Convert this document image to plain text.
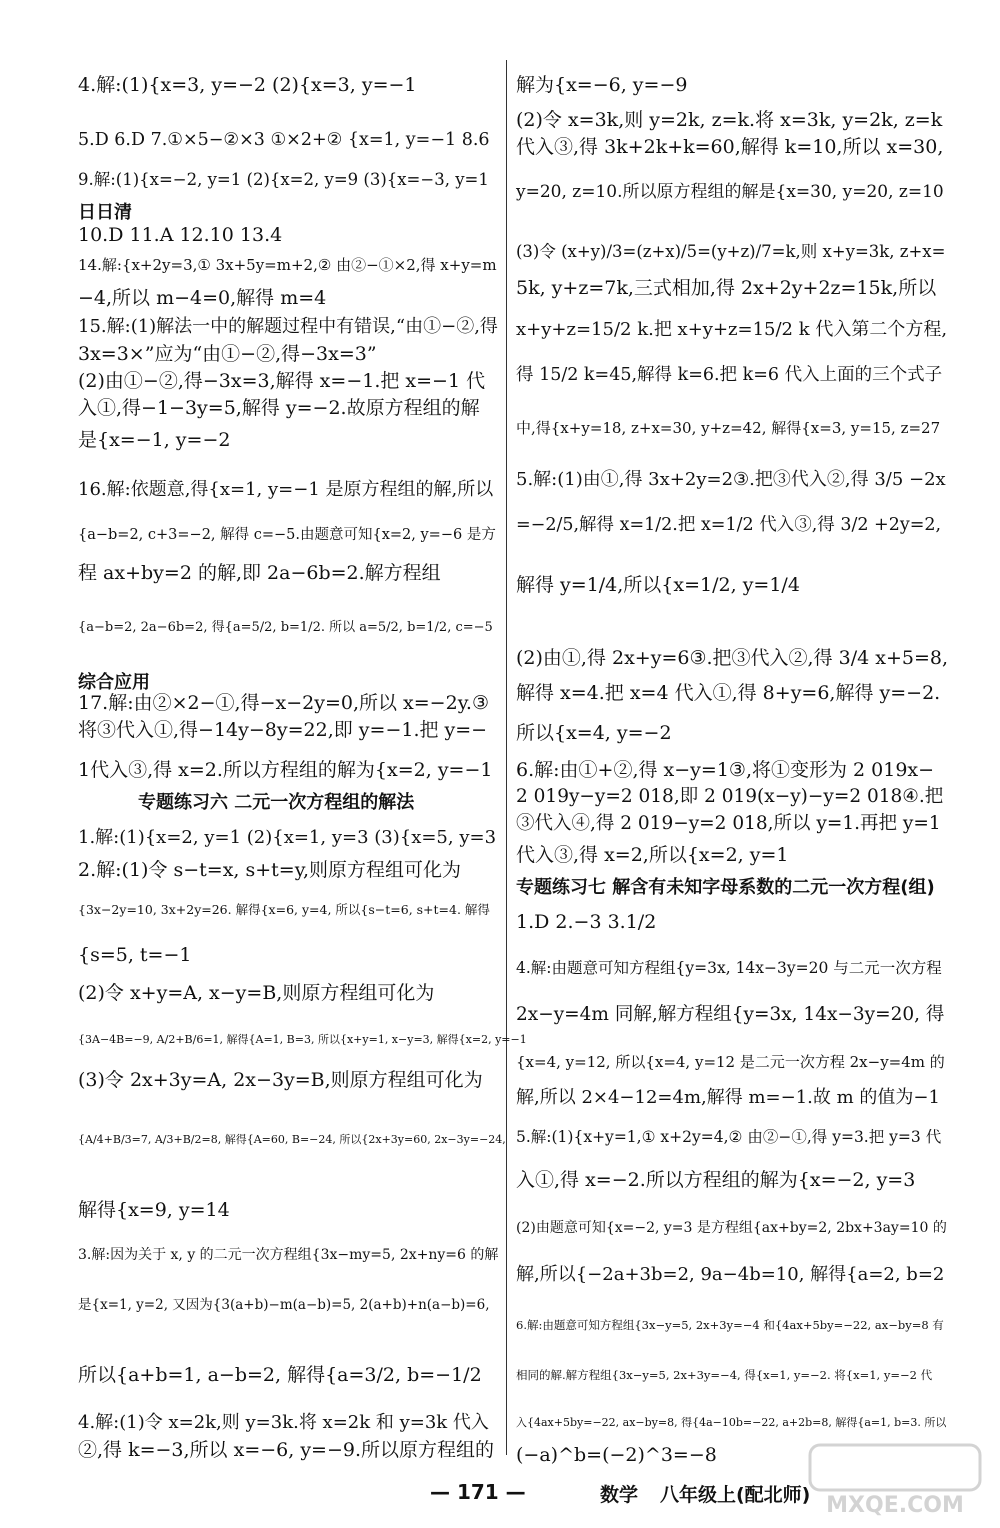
4.解:(1){x=3, y=−2 (2){x=3, y=−1
5.D 6.D 7.①×5−②×3 ①×2+② {x=1, y=−1 8.6
9.解:(1){x=−2, y=1 (2){x=2, y=9 (3){x=−3, y=1
日日清
10.D 11.A 12.10 13.4
14.解:{x+2y=3,① 3x+5y=m+2,② 由②−①×2,得 x+y=m
−4,所以 m−4=0,解得 m=4
15.解:(1)解法一中的解题过程中有错误,“由①−②,得
3x=3×”应为“由①−②,得−3x=3”
(2)由①−②,得−3x=3,解得 x=−1.把 x=−1 代
入①,得−1−3y=5,解得 y=−2.故原方程组的解
是{x=−1, y=−2
16.解:依题意,得{x=1, y=−1 是原方程组的解,所以
{a−b=2, c+3=−2, 解得 c=−5.由题意可知{x=2, y=−6 是方
程 ax+by=2 的解,即 2a−6b=2.解方程组
{a−b=2, 2a−6b=2, 得{a=5/2, b=1/2. 所以 a=5/2, b=1/2, c=−5
综合应用
17.解:由②×2−①,得−x−2y=0,所以 x=−2y.③
将③代入①,得−14y−8y=22,即 y=−1.把 y=−
1代入③,得 x=2.所以方程组的解为{x=2, y=−1
专题练习六 二元一次方程组的解法
1.解:(1){x=2, y=1 (2){x=1, y=3 (3){x=5, y=3
2.解:(1)令 s−t=x, s+t=y,则原方程组可化为
{3x−2y=10, 3x+2y=26. 解得{x=6, y=4, 所以{s−t=6, s+t=4. 解得
{s=5, t=−1
(2)令 x+y=A, x−y=B,则原方程组可化为
{3A−4B=−9, A/2+B/6=1, 解得{A=1, B=3, 所以{x+y=1, x−y=3, 解得{x=2, y=−1
(3)令 2x+3y=A, 2x−3y=B,则原方程组可化为
{A/4+B/3=7, A/3+B/2=8, 解得{A=60, B=−24, 所以{2x+3y=60, 2x−3y=−24,
解得{x=9, y=14
3.解:因为关于 x, y 的二元一次方程组{3x−my=5, 2x+ny=6 的解
是{x=1, y=2, 又因为{3(a+b)−m(a−b)=5, 2(a+b)+n(a−b)=6,
所以{a+b=1, a−b=2, 解得{a=3/2, b=−1/2
4.解:(1)令 x=2k,则 y=3k.将 x=2k 和 y=3k 代入
②,得 k=−3,所以 x=−6, y=−9.所以原方程组的
解为{x=−6, y=−9
(2)令 x=3k,则 y=2k, z=k.将 x=3k, y=2k, z=k
代入③,得 3k+2k+k=60,解得 k=10,所以 x=30,
y=20, z=10.所以原方程组的解是{x=30, y=20, z=10
(3)令 (x+y)/3=(z+x)/5=(y+z)/7=k,则 x+y=3k, z+x=
5k, y+z=7k,三式相加,得 2x+2y+2z=15k,所以
x+y+z=15/2 k.把 x+y+z=15/2 k 代入第二个方程,
得 15/2 k=45,解得 k=6.把 k=6 代入上面的三个式子
中,得{x+y=18, z+x=30, y+z=42, 解得{x=3, y=15, z=27
5.解:(1)由①,得 3x+2y=2③.把③代入②,得 3/5 −2x
=−2/5,解得 x=1/2.把 x=1/2 代入③,得 3/2 +2y=2,
解得 y=1/4,所以{x=1/2, y=1/4
(2)由①,得 2x+y=6③.把③代入②,得 3/4 x+5=8,
解得 x=4.把 x=4 代入①,得 8+y=6,解得 y=−2.
所以{x=4, y=−2
6.解:由①+②,得 x−y=1③,将①变形为 2 019x−
2 019y−y=2 018,即 2 019(x−y)−y=2 018④.把
③代入④,得 2 019−y=2 018,所以 y=1.再把 y=1
代入③,得 x=2,所以{x=2, y=1
专题练习七 解含有未知字母系数的二元一次方程(组)
1.D 2.−3 3.1/2
4.解:由题意可知方程组{y=3x, 14x−3y=20 与二元一次方程
2x−y=4m 同解,解方程组{y=3x, 14x−3y=20, 得
{x=4, y=12, 所以{x=4, y=12 是二元一次方程 2x−y=4m 的
解,所以 2×4−12=4m,解得 m=−1.故 m 的值为−1
5.解:(1){x+y=1,① x+2y=4,② 由②−①,得 y=3.把 y=3 代
入①,得 x=−2.所以方程组的解为{x=−2, y=3
(2)由题意可知{x=−2, y=3 是方程组{ax+by=2, 2bx+3ay=10 的
解,所以{−2a+3b=2, 9a−4b=10, 解得{a=2, b=2
6.解:由题意可知方程组{3x−y=5, 2x+3y=−4 和{4ax+5by=−22, ax−by=8 有
相同的解.解方程组{3x−y=5, 2x+3y=−4, 得{x=1, y=−2. 将{x=1, y=−2 代
入{4ax+5by=−22, ax−by=8, 得{4a−10b=−22, a+2b=8, 解得{a=1, b=3. 所以
(−a)^b=(−2)^3=−8
— 171 —	数学 八年级上(配北师) MXQE.COM
